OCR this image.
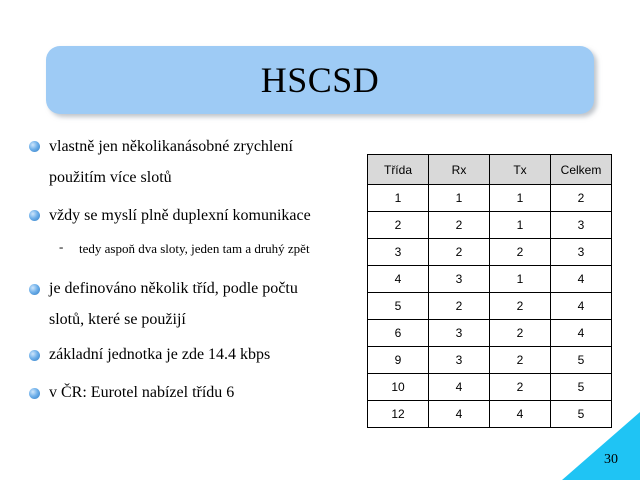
HSCSD
vlastně jen několikanásobné zrychlení
použitím více slotů
vždy se myslí plně duplexní komunikace
- tedy aspoň dva sloty, jeden tam a druhý zpět
je definováno několik tříd, podle počtu
slotů, které se použijí
základní jednotka je zde 14.4 kbps
v ČR: Eurotel nabízel třídu 6
Třída	Rx	Tx	Celkem
1	1	1	2
2	2	1	3
3	2	2	3
4	3	1	4
5	2	2	4
6	3	2	4
9	3	2	5
10	4	2	5
12	4	4	5
30
